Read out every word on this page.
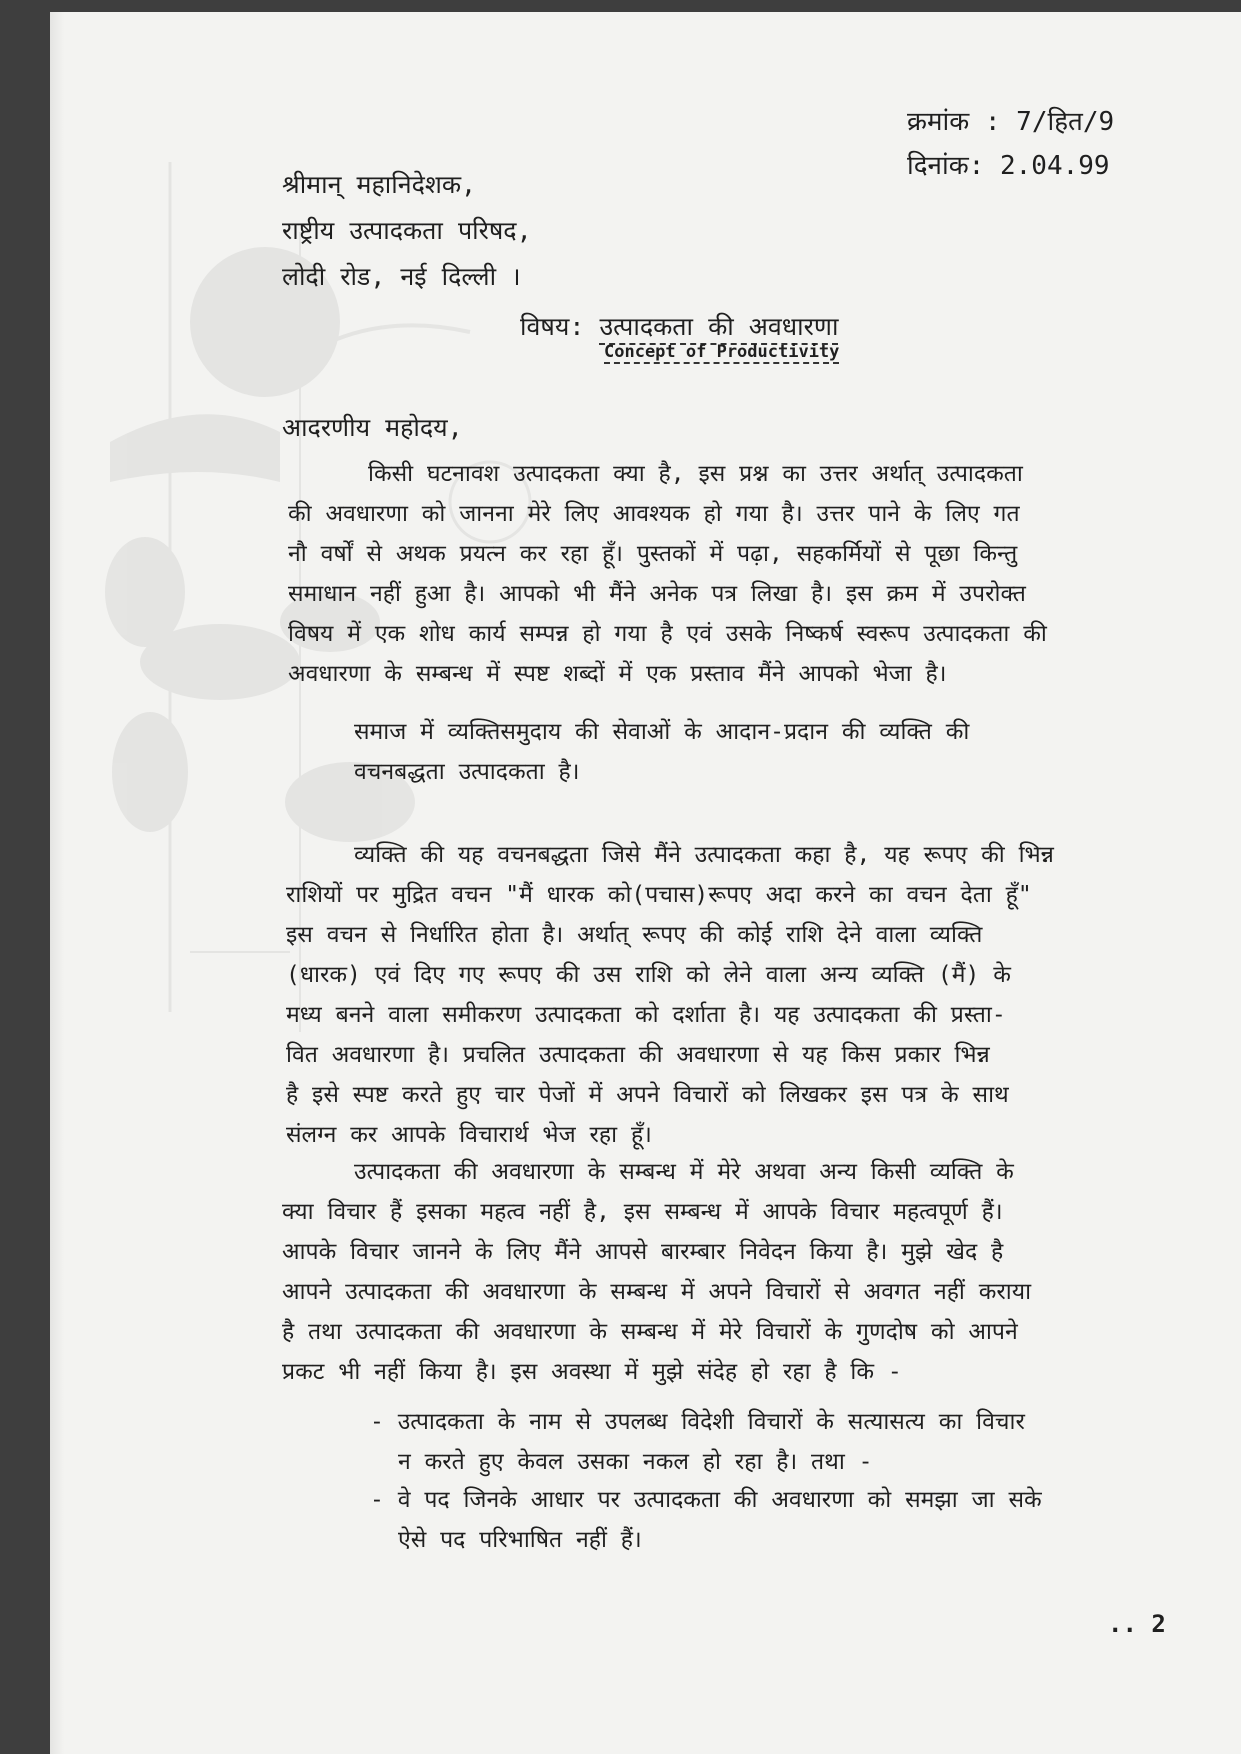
क्रमांक : 7/हित/9
दिनांक: 2.04.99
श्रीमान् महानिदेशक,
राष्ट्रीय उत्पादकता परिषद,
लोदी रोड, नई दिल्ली ।
विषय: उत्पादकता की अवधारणा
Concept of Productivity
आदरणीय महोदय,
किसी घटनावश उत्पादकता क्या है, इस प्रश्न का उत्तर अर्थात् उत्पादकता
की अवधारणा को जानना मेरे लिए आवश्यक हो गया है। उत्तर पाने के लिए गत
नौ वर्षों से अथक प्रयत्न कर रहा हूँ। पुस्तकों में पढ़ा, सहकर्मियों से पूछा किन्तु
समाधान नहीं हुआ है। आपको भी मैंने अनेक पत्र लिखा है। इस क्रम में उपरोक्त
विषय में एक शोध कार्य सम्पन्न हो गया है एवं उसके निष्कर्ष स्वरूप उत्पादकता की
अवधारणा के सम्बन्ध में स्पष्ट शब्दों में एक प्रस्ताव मैंने आपको भेजा है।
समाज में व्यक्तिसमुदाय की सेवाओं के आदान-प्रदान की व्यक्ति की
वचनबद्धता उत्पादकता है।
व्यक्ति की यह वचनबद्धता जिसे मैंने उत्पादकता कहा है, यह रूपए की भिन्न
राशियों पर मुद्रित वचन "मैं धारक को(पचास)रूपए अदा करने का वचन देता हूँ"
इस वचन से निर्धारित होता है। अर्थात् रूपए की कोई राशि देने वाला व्यक्ति
(धारक) एवं दिए गए रूपए की उस राशि को लेने वाला अन्य व्यक्ति (मैं) के
मध्य बनने वाला समीकरण उत्पादकता को दर्शाता है। यह उत्पादकता की प्रस्ता-
वित अवधारणा है। प्रचलित उत्पादकता की अवधारणा से यह किस प्रकार भिन्न
है इसे स्पष्ट करते हुए चार पेजों में अपने विचारों को लिखकर इस पत्र के साथ
संलग्न कर आपके विचारार्थ भेज रहा हूँ।
उत्पादकता की अवधारणा के सम्बन्ध में मेरे अथवा अन्य किसी व्यक्ति के
क्या विचार हैं इसका महत्व नहीं है, इस सम्बन्ध में आपके विचार महत्वपूर्ण हैं।
आपके विचार जानने के लिए मैंने आपसे बारम्बार निवेदन किया है। मुझे खेद है
आपने उत्पादकता की अवधारणा के सम्बन्ध में अपने विचारों से अवगत नहीं कराया
है तथा उत्पादकता की अवधारणा के सम्बन्ध में मेरे विचारों के गुणदोष को आपने
प्रकट भी नहीं किया है। इस अवस्था में मुझे संदेह हो रहा है कि -
- उत्पादकता के नाम से उपलब्ध विदेशी विचारों के सत्यासत्य का विचार
न करते हुए केवल उसका नकल हो रहा है। तथा -
- वे पद जिनके आधार पर उत्पादकता की अवधारणा को समझा जा सके
ऐसे पद परिभाषित नहीं हैं।
.. 2
